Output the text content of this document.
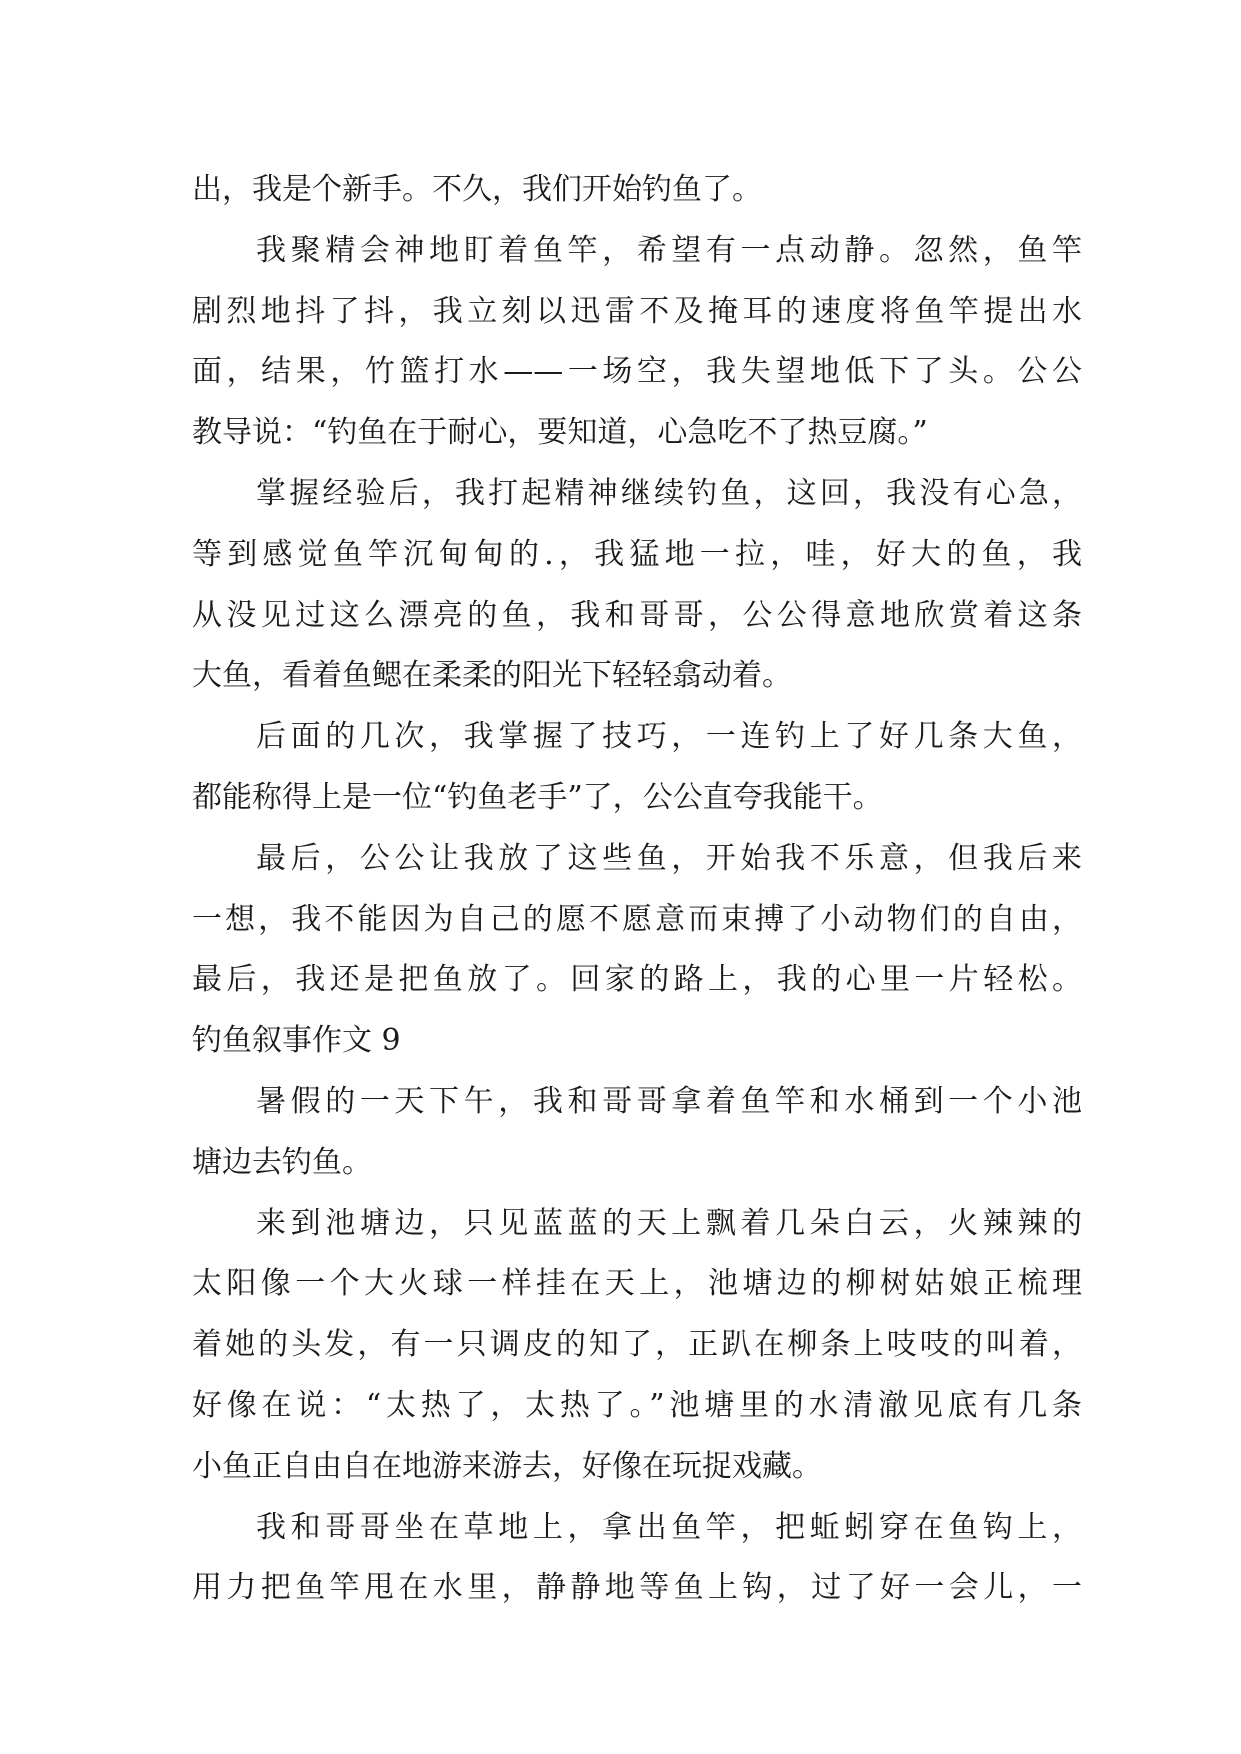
出，我是个新手。不久，我们开始钓鱼了。
我聚精会神地盯着鱼竿，希望有一点动静。忽然，鱼竿
剧烈地抖了抖，我立刻以迅雷不及掩耳的速度将鱼竿提出水
面，结果，竹篮打水——一场空，我失望地低下了头。公公
教导说：“钓鱼在于耐心，要知道，心急吃不了热豆腐。”
掌握经验后，我打起精神继续钓鱼，这回，我没有心急，
等到感觉鱼竿沉甸甸的.，我猛地一拉，哇，好大的鱼，我
从没见过这么漂亮的鱼，我和哥哥，公公得意地欣赏着这条
大鱼，看着鱼鳃在柔柔的阳光下轻轻翕动着。
后面的几次，我掌握了技巧，一连钓上了好几条大鱼，
都能称得上是一位“钓鱼老手”了，公公直夸我能干。
最后，公公让我放了这些鱼，开始我不乐意，但我后来
一想，我不能因为自己的愿不愿意而束搏了小动物们的自由，
最后，我还是把鱼放了。回家的路上，我的心里一片轻松。
钓鱼叙事作文 9
暑假的一天下午，我和哥哥拿着鱼竿和水桶到一个小池
塘边去钓鱼。
来到池塘边，只见蓝蓝的天上飘着几朵白云，火辣辣的
太阳像一个大火球一样挂在天上，池塘边的柳树姑娘正梳理
着她的头发，有一只调皮的知了，正趴在柳条上吱吱的叫着，
好像在说：“太热了，太热了。”池塘里的水清澈见底有几条
小鱼正自由自在地游来游去，好像在玩捉戏藏。
我和哥哥坐在草地上，拿出鱼竿，把蚯蚓穿在鱼钩上，
用力把鱼竿甩在水里，静静地等鱼上钩，过了好一会儿，一
